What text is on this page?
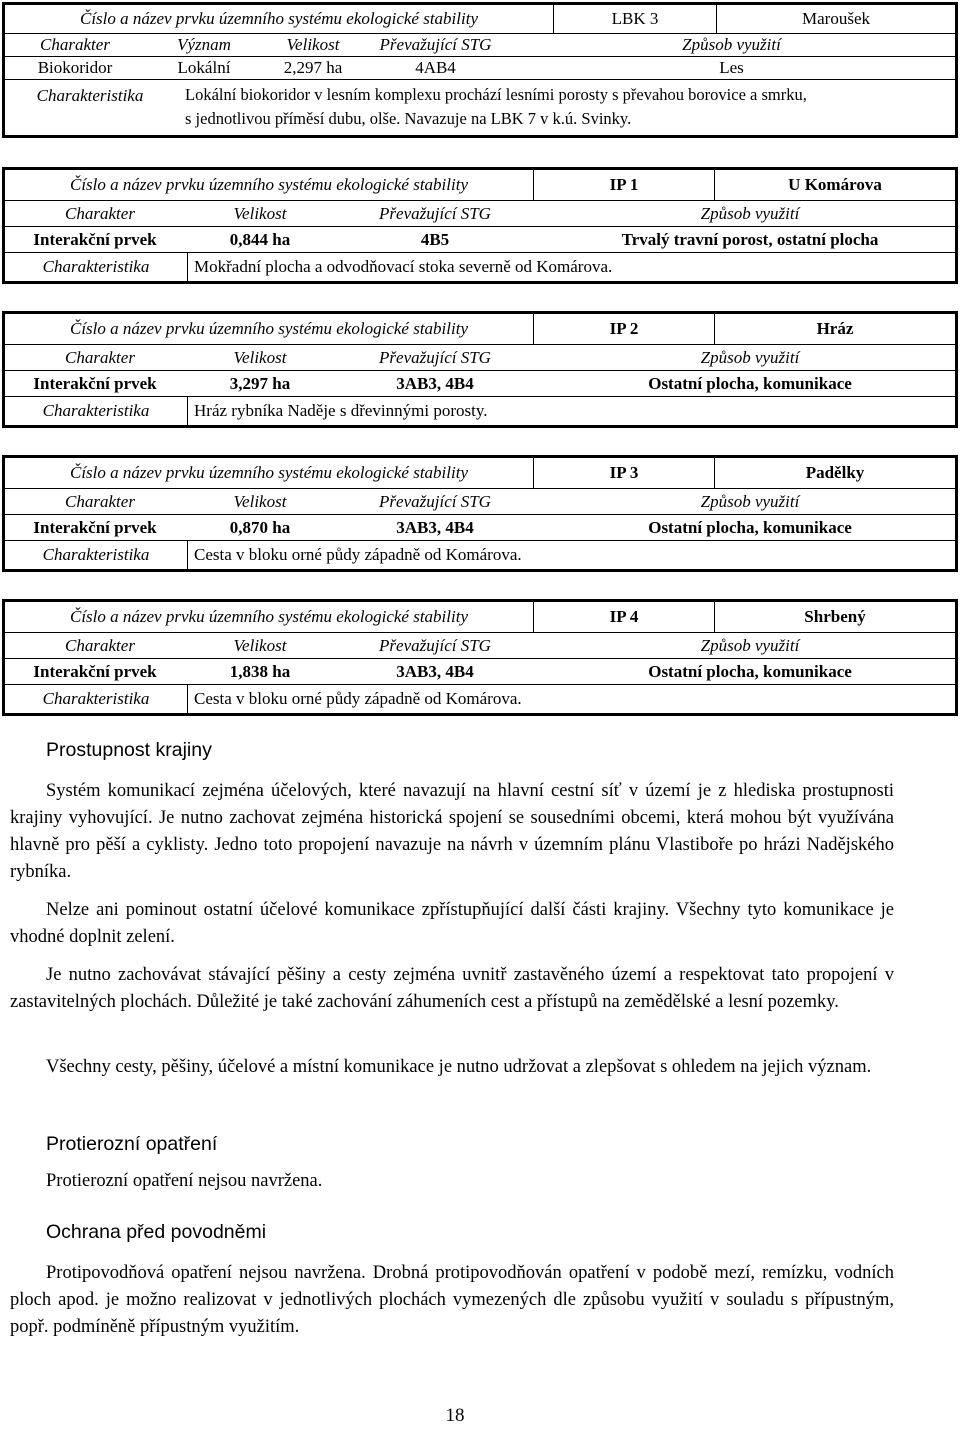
Číslo a název prvku územního systému ekologické stability	LBK 3	Maroušek
Charakter	Význam	Velikost	Převažující STG	Způsob využití
Biokoridor	Lokální	2,297 ha	4AB4	Les
Charakteristika	Lokální biokoridor v lesním komplexu prochází lesními porosty s převahou borovice a smrku,
s jednotlivou příměsí dubu, olše. Navazuje na LBK 7 v k.ú. Svinky.
Číslo a název prvku územního systému ekologické stability	IP 1	U Komárova
Charakter	Velikost	Převažující STG	Způsob využití
Interakční prvek	0,844 ha	4B5	Trvalý travní porost, ostatní plocha
Charakteristika	Mokřadní plocha a odvodňovací stoka severně od Komárova.
Číslo a název prvku územního systému ekologické stability	IP 2	Hráz
Charakter	Velikost	Převažující STG	Způsob využití
Interakční prvek	3,297 ha	3AB3, 4B4	Ostatní plocha, komunikace
Charakteristika	Hráz rybníka Naděje s dřevinnými porosty.
Číslo a název prvku územního systému ekologické stability	IP 3	Padělky
Charakter	Velikost	Převažující STG	Způsob využití
Interakční prvek	0,870 ha	3AB3, 4B4	Ostatní plocha, komunikace
Charakteristika	Cesta v bloku orné půdy západně od Komárova.
Číslo a název prvku územního systému ekologické stability	IP 4	Shrbený
Charakter	Velikost	Převažující STG	Způsob využití
Interakční prvek	1,838 ha	3AB3, 4B4	Ostatní plocha, komunikace
Charakteristika	Cesta v bloku orné půdy západně od Komárova.
Prostupnost krajiny

Systém komunikací zejména účelových, které navazují na hlavní cestní síť v území je z hlediska prostupnosti krajiny vyhovující. Je nutno zachovat zejména historická spojení se sousedními obcemi, která mohou být využívána hlavně pro pěší a cyklisty. Jedno toto propojení navazuje na návrh v územním plánu Vlastiboře po hrázi Nadějského rybníka.

Nelze ani pominout ostatní účelové komunikace zpřístupňující další části krajiny. Všechny tyto komunikace je vhodné doplnit zelení.

Je nutno zachovávat stávající pěšiny a cesty zejména uvnitř zastavěného území a respektovat tato propojení v zastavitelných plochách. Důležité je také zachování záhumeních cest a přístupů na zemědělské a lesní pozemky.

Všechny cesty, pěšiny, účelové a místní komunikace je nutno udržovat a zlepšovat s ohledem na jejich význam.

Protierozní opatření

Protierozní opatření nejsou navržena.

Ochrana před povodněmi

Protipovodňová opatření nejsou navržena. Drobná protipovodňován opatření v podobě mezí, remízku, vodních ploch apod. je možno realizovat v jednotlivých plochách vymezených dle způsobu využití v souladu s přípustným, popř. podmíněně přípustným využitím.

18
